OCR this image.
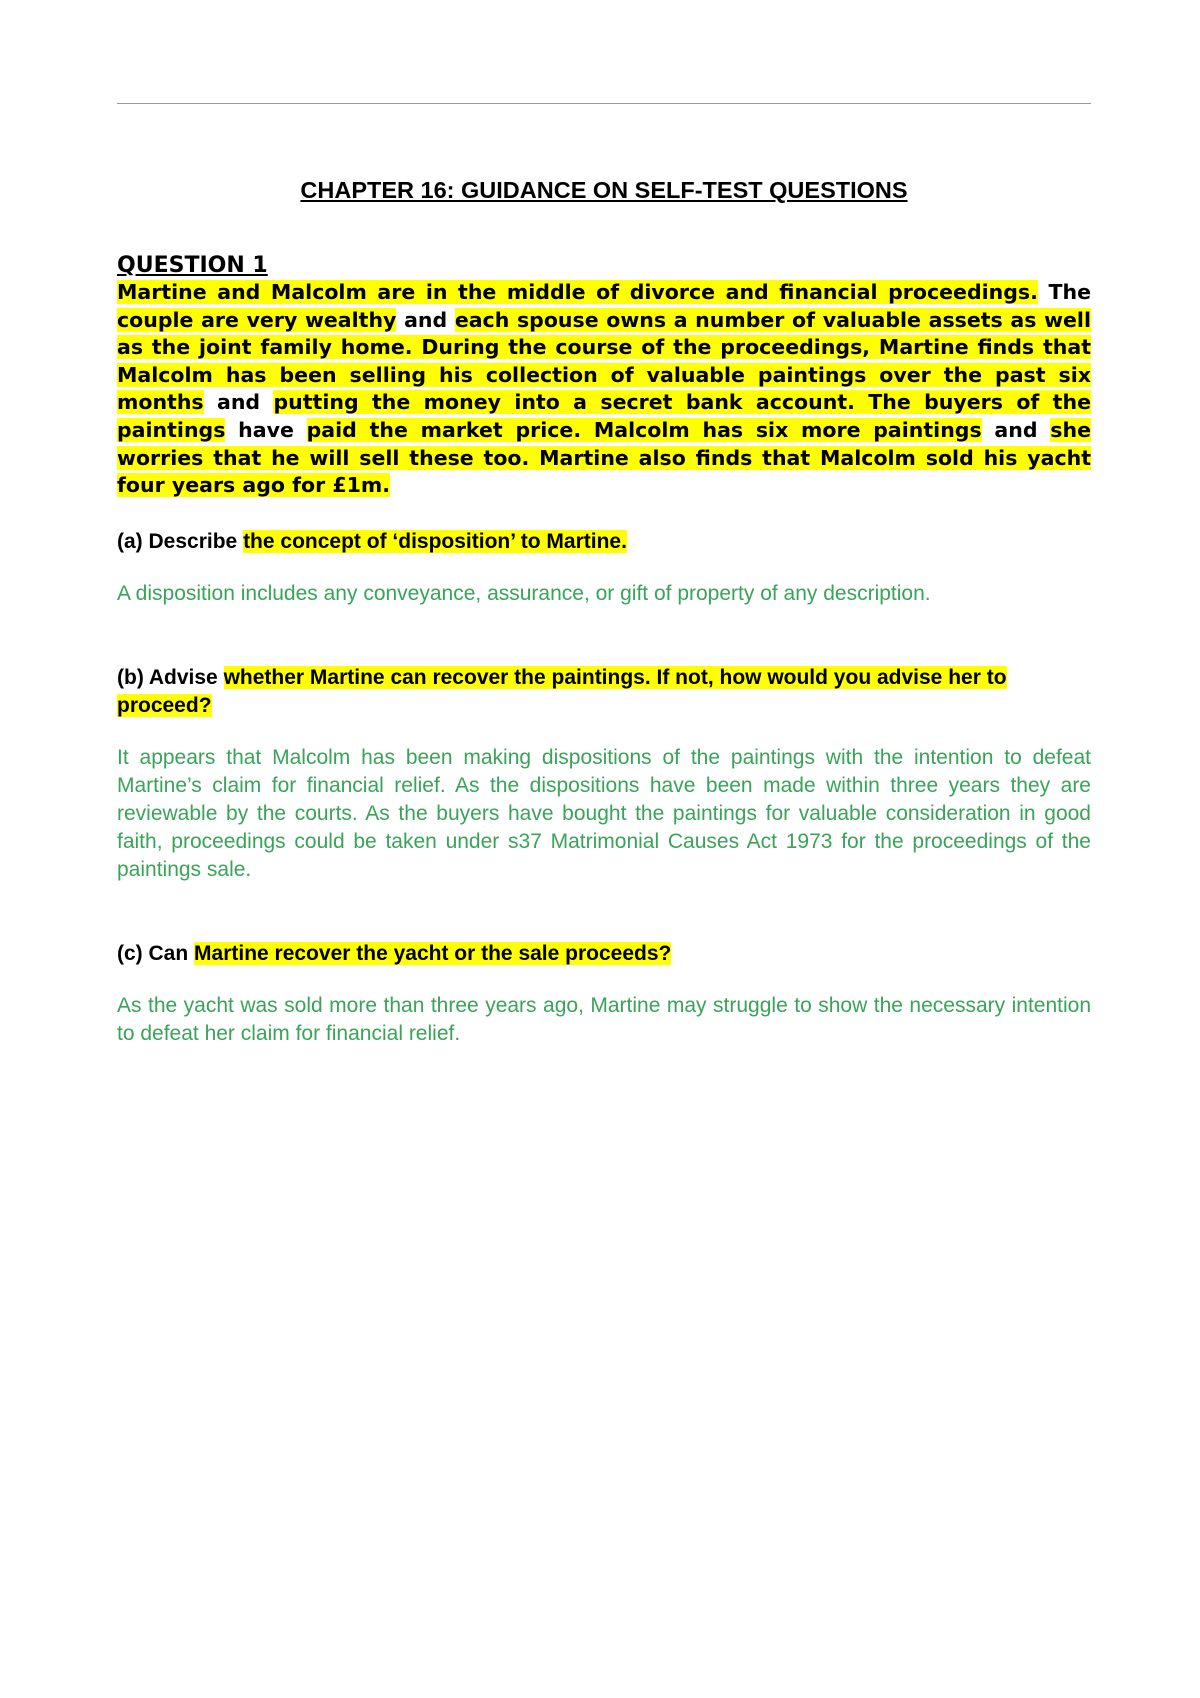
CHAPTER 16: GUIDANCE ON SELF-TEST QUESTIONS
QUESTION 1

Martine and Malcolm are in the middle of divorce and financial proceedings. The couple are very wealthy and each spouse owns a number of valuable assets as well as the joint family home. During the course of the proceedings, Martine finds that Malcolm has been selling his collection of valuable paintings over the past six months and putting the money into a secret bank account. The buyers of the paintings have paid the market price. Malcolm has six more paintings and she worries that he will sell these too. Martine also finds that Malcolm sold his yacht four years ago for £1m.

(a) Describe the concept of ‘disposition’ to Martine.

A disposition includes any conveyance, assurance, or gift of property of any description.

(b) Advise whether Martine can recover the paintings. If not, how would you advise her to proceed?

It appears that Malcolm has been making dispositions of the paintings with the intention to defeat Martine’s claim for financial relief. As the dispositions have been made within three years they are reviewable by the courts. As the buyers have bought the paintings for valuable consideration in good faith, proceedings could be taken under s37 Matrimonial Causes Act 1973 for the proceedings of the paintings sale.

(c) Can Martine recover the yacht or the sale proceeds?

As the yacht was sold more than three years ago, Martine may struggle to show the necessary intention to defeat her claim for financial relief.
